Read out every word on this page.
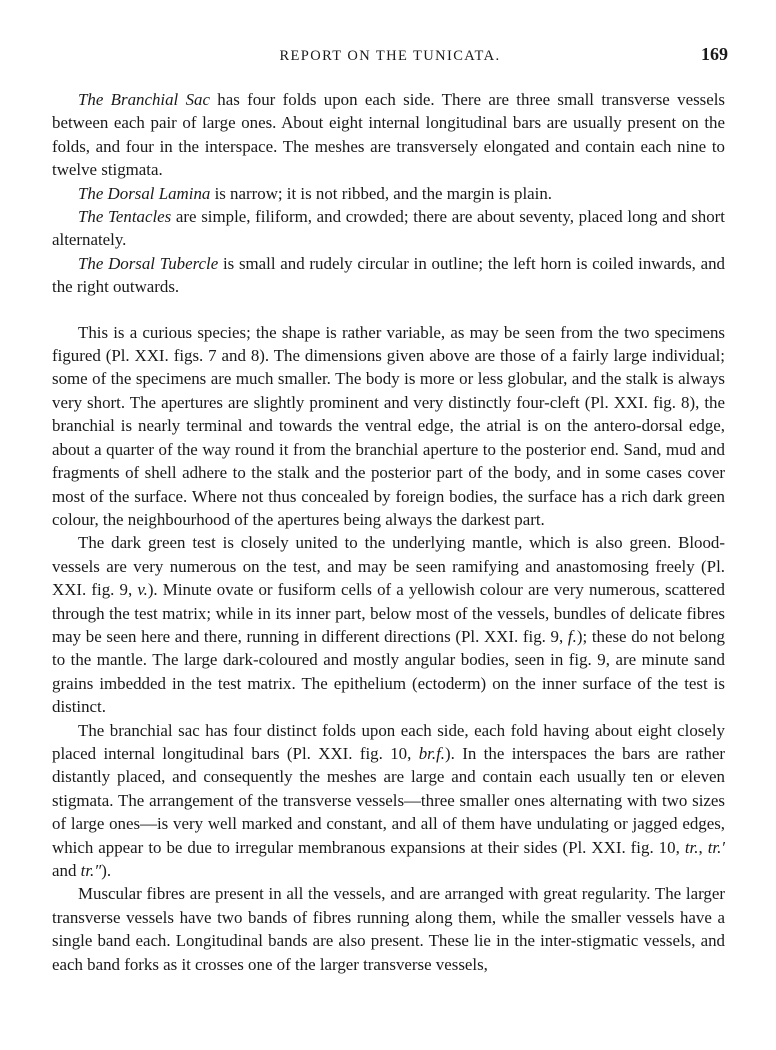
REPORT ON THE TUNICATA.	169

The Branchial Sac has four folds upon each side. There are three small transverse vessels between each pair of large ones. About eight internal longitudinal bars are usually present on the folds, and four in the interspace. The meshes are transversely elongated and contain each nine to twelve stigmata.

The Dorsal Lamina is narrow; it is not ribbed, and the margin is plain.

The Tentacles are simple, filiform, and crowded; there are about seventy, placed long and short alternately.

The Dorsal Tubercle is small and rudely circular in outline; the left horn is coiled inwards, and the right outwards.

This is a curious species; the shape is rather variable, as may be seen from the two specimens figured (Pl. XXI. figs. 7 and 8). The dimensions given above are those of a fairly large individual; some of the specimens are much smaller. The body is more or less globular, and the stalk is always very short. The apertures are slightly prominent and very distinctly four-cleft (Pl. XXI. fig. 8), the branchial is nearly terminal and towards the ventral edge, the atrial is on the antero-dorsal edge, about a quarter of the way round it from the branchial aperture to the posterior end. Sand, mud and fragments of shell adhere to the stalk and the posterior part of the body, and in some cases cover most of the surface. Where not thus concealed by foreign bodies, the surface has a rich dark green colour, the neighbourhood of the apertures being always the darkest part.

The dark green test is closely united to the underlying mantle, which is also green. Blood-vessels are very numerous on the test, and may be seen ramifying and anastomosing freely (Pl. XXI. fig. 9, v.). Minute ovate or fusiform cells of a yellowish colour are very numerous, scattered through the test matrix; while in its inner part, below most of the vessels, bundles of delicate fibres may be seen here and there, running in different directions (Pl. XXI. fig. 9, f.); these do not belong to the mantle. The large dark-coloured and mostly angular bodies, seen in fig. 9, are minute sand grains imbedded in the test matrix. The epithelium (ectoderm) on the inner surface of the test is distinct.

The branchial sac has four distinct folds upon each side, each fold having about eight closely placed internal longitudinal bars (Pl. XXI. fig. 10, br.f.). In the interspaces the bars are rather distantly placed, and consequently the meshes are large and contain each usually ten or eleven stigmata. The arrangement of the transverse vessels—three smaller ones alternating with two sizes of large ones—is very well marked and constant, and all of them have undulating or jagged edges, which appear to be due to irregular membranous expansions at their sides (Pl. XXI. fig. 10, tr., tr.′ and tr.″).

Muscular fibres are present in all the vessels, and are arranged with great regularity. The larger transverse vessels have two bands of fibres running along them, while the smaller vessels have a single band each. Longitudinal bands are also present. These lie in the inter-stigmatic vessels, and each band forks as it crosses one of the larger transverse vessels,
